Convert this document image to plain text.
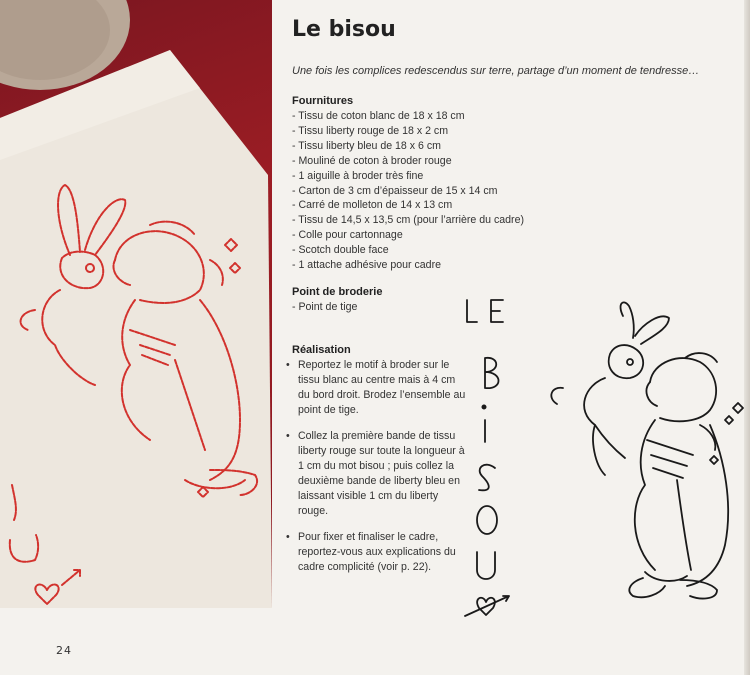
Le bisou
Une fois les complices redescendus sur terre, partage d’un moment de tendresse…
Fournitures
- Tissu de coton blanc de 18 x 18 cm
- Tissu liberty rouge de 18 x 2 cm
- Tissu liberty bleu de 18 x 6 cm
- Mouliné de coton à broder rouge
- 1 aiguille à broder très fine
- Carton de 3 cm d’épaisseur de 15 x 14 cm
- Carré de molleton de 14 x 13 cm
- Tissu de 14,5 x 13,5 cm (pour l’arrière du cadre)
- Colle pour cartonnage
- Scotch double face
- 1 attache adhésive pour cadre
Point de broderie
- Point de tige
Réalisation
• Reportez le motif à broder sur le tissu blanc au centre mais à 4 cm du bord droit. Brodez l’ensemble au point de tige.
• Collez la première bande de tissu liberty rouge sur toute la longueur à 1 cm du mot bisou ; puis collez la deuxième bande de liberty bleu en laissant visible 1 cm du liberty rouge.
• Pour fixer et finaliser le cadre, reportez-vous aux explications du cadre complicité (voir p. 22).
24
